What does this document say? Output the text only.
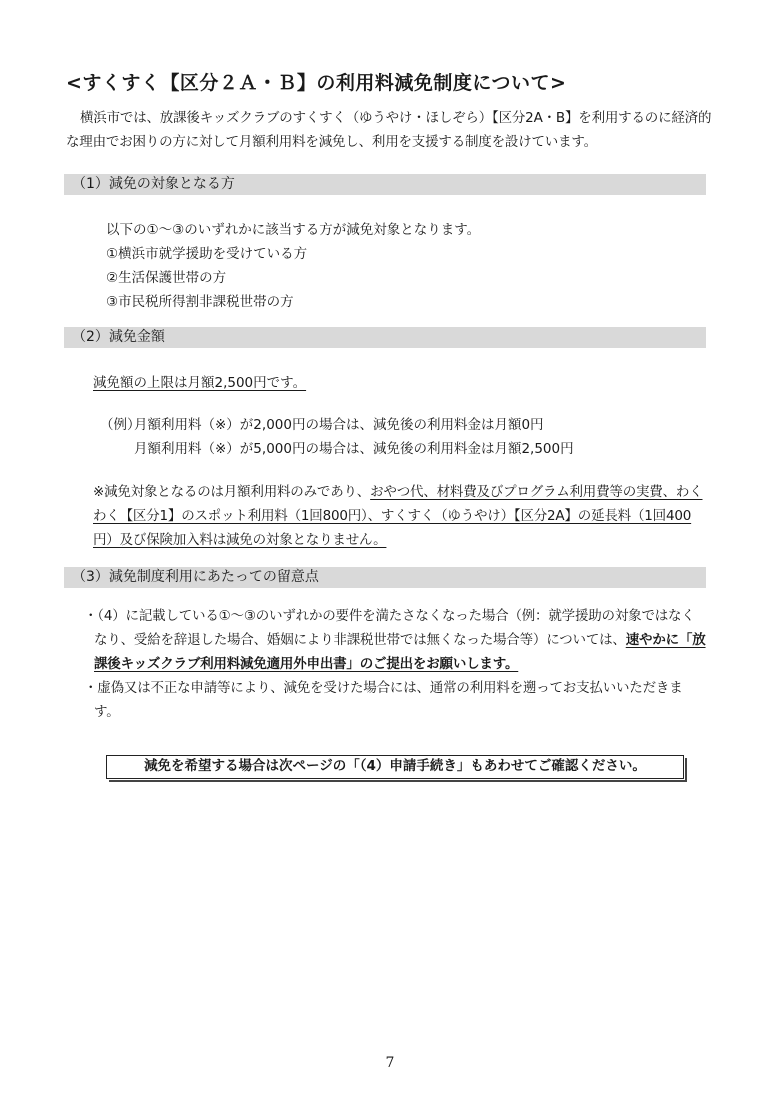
<すくすく【区分２Ａ・Ｂ】の利用料減免制度について>
横浜市では、放課後キッズクラブのすくすく（ゆうやけ・ほしぞら）【区分2A・B】を利用するのに経済的な理由でお困りの方に対して月額利用料を減免し、利用を支援する制度を設けています。
（1）減免の対象となる方
以下の①～③のいずれかに該当する方が減免対象となります。
①横浜市就学援助を受けている方
②生活保護世帯の方
③市民税所得割非課税世帯の方
（2）減免金額
減免額の上限は月額2,500円です。
（例）
月額利用料（※）が2,000円の場合は、減免後の利用料金は月額0円
月額利用料（※）が5,000円の場合は、減免後の利用料金は月額2,500円
※減免対象となるのは月額利用料のみであり、おやつ代、材料費及びプログラム利用費等の実費、わくわく【区分1】のスポット利用料（1回800円）、すくすく（ゆうやけ）【区分2A】の延長料（1回400円）及び保険加入料は減免の対象となりません。
（3）減免制度利用にあたっての留意点
・（4）に記載している①～③のいずれかの要件を満たさなくなった場合（例：就学援助の対象ではなくなり、受給を辞退した場合、婚姻により非課税世帯では無くなった場合等）については、速やかに「放課後キッズクラブ利用料減免適用外申出書」のご提出をお願いします。
・虚偽又は不正な申請等により、減免を受けた場合には、通常の利用料を遡ってお支払いいただきます。
減免を希望する場合は次ページの「（4）申請手続き」もあわせてご確認ください。
7
